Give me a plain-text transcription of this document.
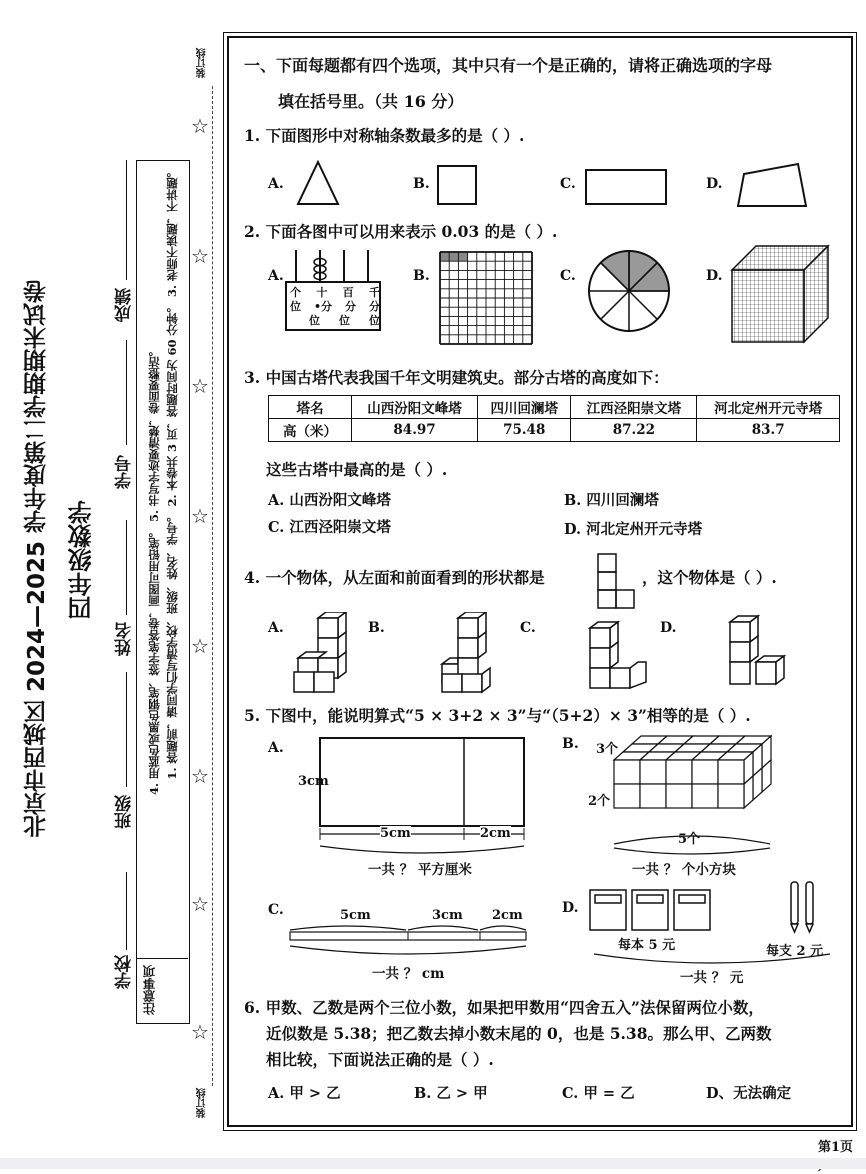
北京市西城区 2024—2025 学年度第二学期期末试卷 四年级数学
学校
班级
姓名
学号
成绩
注意事项
1. 答题前，请同学们写清学校、班级、姓名、学号。 2. 本卷共 3 页，答题时间为 60 分钟。 3. 老师不读题，不讲题。
4. 用蓝色或黑色钢笔、签字笔答卷，画图可用铅笔。 5. 书写字迹要清楚，卷面要整洁。
装订线
装订线
☆
☆
☆
☆
☆
☆
☆
☆
一、下面每题都有四个选项，其中只有一个是正确的，请将正确选项的字母
填在括号里。（共 16 分）
1. 下面图形中对称轴条数最多的是（ ）.
A.	B.	C.	D.
2. 下面各图中可以用来表示 0.03 的是（ ）.
A.
个 十 百 千
位 •分 分 分
位 位 位
B.	C.	D.
3. 中国古塔代表我国千年文明建筑史。部分古塔的高度如下：
塔名	山西汾阳文峰塔	四川回澜塔	江西泾阳崇文塔	河北定州开元寺塔
高（米）	84.97	75.48	87.22	83.7
这些古塔中最高的是（ ）.
A. 山西汾阳文峰塔	B. 四川回澜塔
C. 江西泾阳崇文塔	D. 河北定州开元寺塔
4. 一个物体，从左面和前面看到的形状都是	，这个物体是（ ）.
A.	B.	C.	D.
5. 下图中，能说明算式“5 × 3+2 × 3”与“（5+2）× 3”相等的是（ ）.
A.
3cm
5cm	2cm
一共 ？ 平方厘米
B. 3个
2个
5个
一共 ？ 个小方块
C.	5cm	3cm 2cm
一共 ？ cm
D.
每本 5 元	每支 2 元
一共 ？ 元
6. 甲数、乙数是两个三位小数，如果把甲数用“四舍五入”法保留两位小数，
近似数是 5.38；把乙数去掉小数末尾的 0，也是 5.38。那么甲、乙两数
相比较，下面说法正确的是（ ）.
A. 甲 > 乙	B. 乙 > 甲	C. 甲 = 乙	D、无法确定
第1页
